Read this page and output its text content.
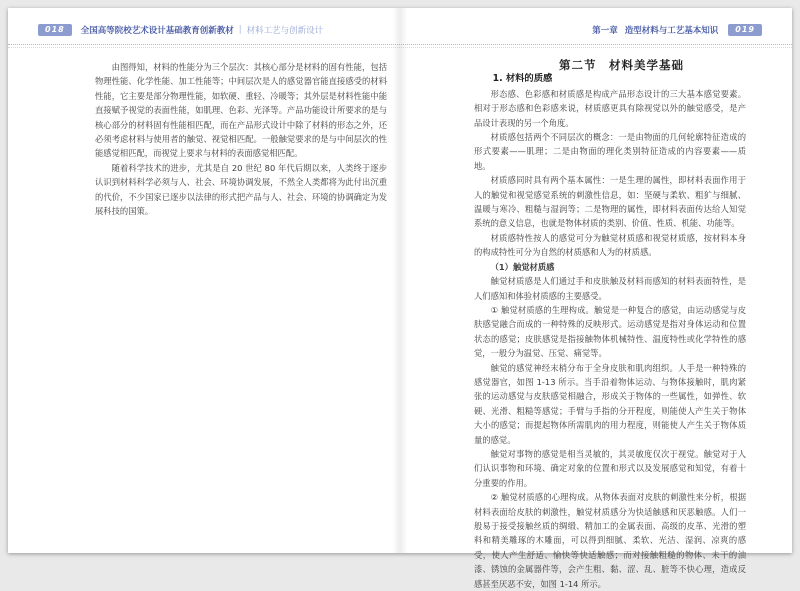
018	全国高等院校艺术设计基础教育创新教材 | 材料工艺与创新设计

由图得知，材料的性能分为三个层次：其核心部分是材料的固有性能，包括物理性能、化学性能、加工性能等；中间层次是人的感觉器官能直接感受的材料性能，它主要是部分物理性能，如软硬、重轻、冷暖等；其外层是材料性能中能直接赋予视觉的表面性能，如肌理、色彩、光泽等。产品功能设计所要求的是与核心部分的材料固有性能相匹配，而在产品形式设计中除了材料的形态之外，还必须考虑材料与使用者的触觉、视觉相匹配。一般触觉要求的是与中间层次的性能感觉相匹配，而视觉上要求与材料的表面感觉相匹配。

随着科学技术的进步，尤其是自 20 世纪 80 年代后期以来，人类终于逐步认识到材料科学必须与人、社会、环境协调发展，不然全人类都将为此付出沉重的代价，不少国家已逐步以法律的形式把产品与人、社会、环境的协调确定为发展科技的国策。

第一章 造型材料与工艺基本知识	019

第二节　材料美学基础

1. 材料的质感

形态感、色彩感和材质感是构成产品形态设计的三大基本感觉要素。相对于形态感和色彩感来说，材质感更具有除视觉以外的触觉感受，是产品设计表现的另一个角度。

材质感包括两个不同层次的概念：一是由物面的几何轮廓特征造成的形式要素——肌理；二是由物面的理化类别特征造成的内容要素——质地。

材质感同时具有两个基本属性：一是生理的属性，即材料表面作用于人的触觉和视觉感觉系统的刺激性信息，如：坚硬与柔软、粗犷与细腻、温暖与寒冷、粗糙与湿润等；二是物理的属性，即材料表面传达给人知觉系统的意义信息，也就是物体材质的类别、价值、性质、机能、功能等。

材质感特性按人的感觉可分为触觉材质感和视觉材质感，按材料本身的构成特性可分为自然的材质感和人为的材质感。

（1）触觉材质感

触觉材质感是人们通过手和皮肤触及材料而感知的材料表面特性，是人们感知和体验材质感的主要感受。

① 触觉材质感的生理构成。触觉是一种复合的感觉，由运动感觉与皮肤感觉融合而成的一种特殊的反映形式。运动感觉是指对身体运动和位置状态的感觉；皮肤感觉是指接触物体机械特性、温度特性或化学特性的感觉，一般分为温觉、压觉、痛觉等。

触觉的感觉神经末梢分布于全身皮肤和肌肉组织。人手是一种特殊的感觉器官，如图 1-13 所示。当手沿着物体运动、与物体接触时，肌肉紧张的运动感觉与皮肤感觉相融合，形成关于物体的一些属性，如弹性、软硬、光滑、粗糙等感觉；手臂与手指的分开程度，则能使人产生关于物体大小的感觉；而提起物体所需肌肉的用力程度，则能使人产生关于物体质量的感觉。

触觉对事物的感觉是相当灵敏的，其灵敏度仅次于视觉。触觉对于人们认识事物和环境、确定对象的位置和形式以及发展感觉和知觉，有着十分重要的作用。

② 触觉材质感的心理构成。从物体表面对皮肤的刺激性来分析，根据材料表面给皮肤的刺激性，触觉材质感分为快适触感和厌恶触感。人们一般易于接受接触丝质的绸缎、精加工的金属表面、高级的皮革、光滑的塑料和精美雕琢的木雕面，可以得到细腻、柔软、光洁、湿润、凉爽的感受，使人产生舒适、愉快等快适触感；而对接触粗糙的物体、未干的油漆、锈蚀的金属器件等，会产生粗、黏、涩、乱、脏等不快心理，造成反感甚至厌恶不安，如图 1-14 所示。
